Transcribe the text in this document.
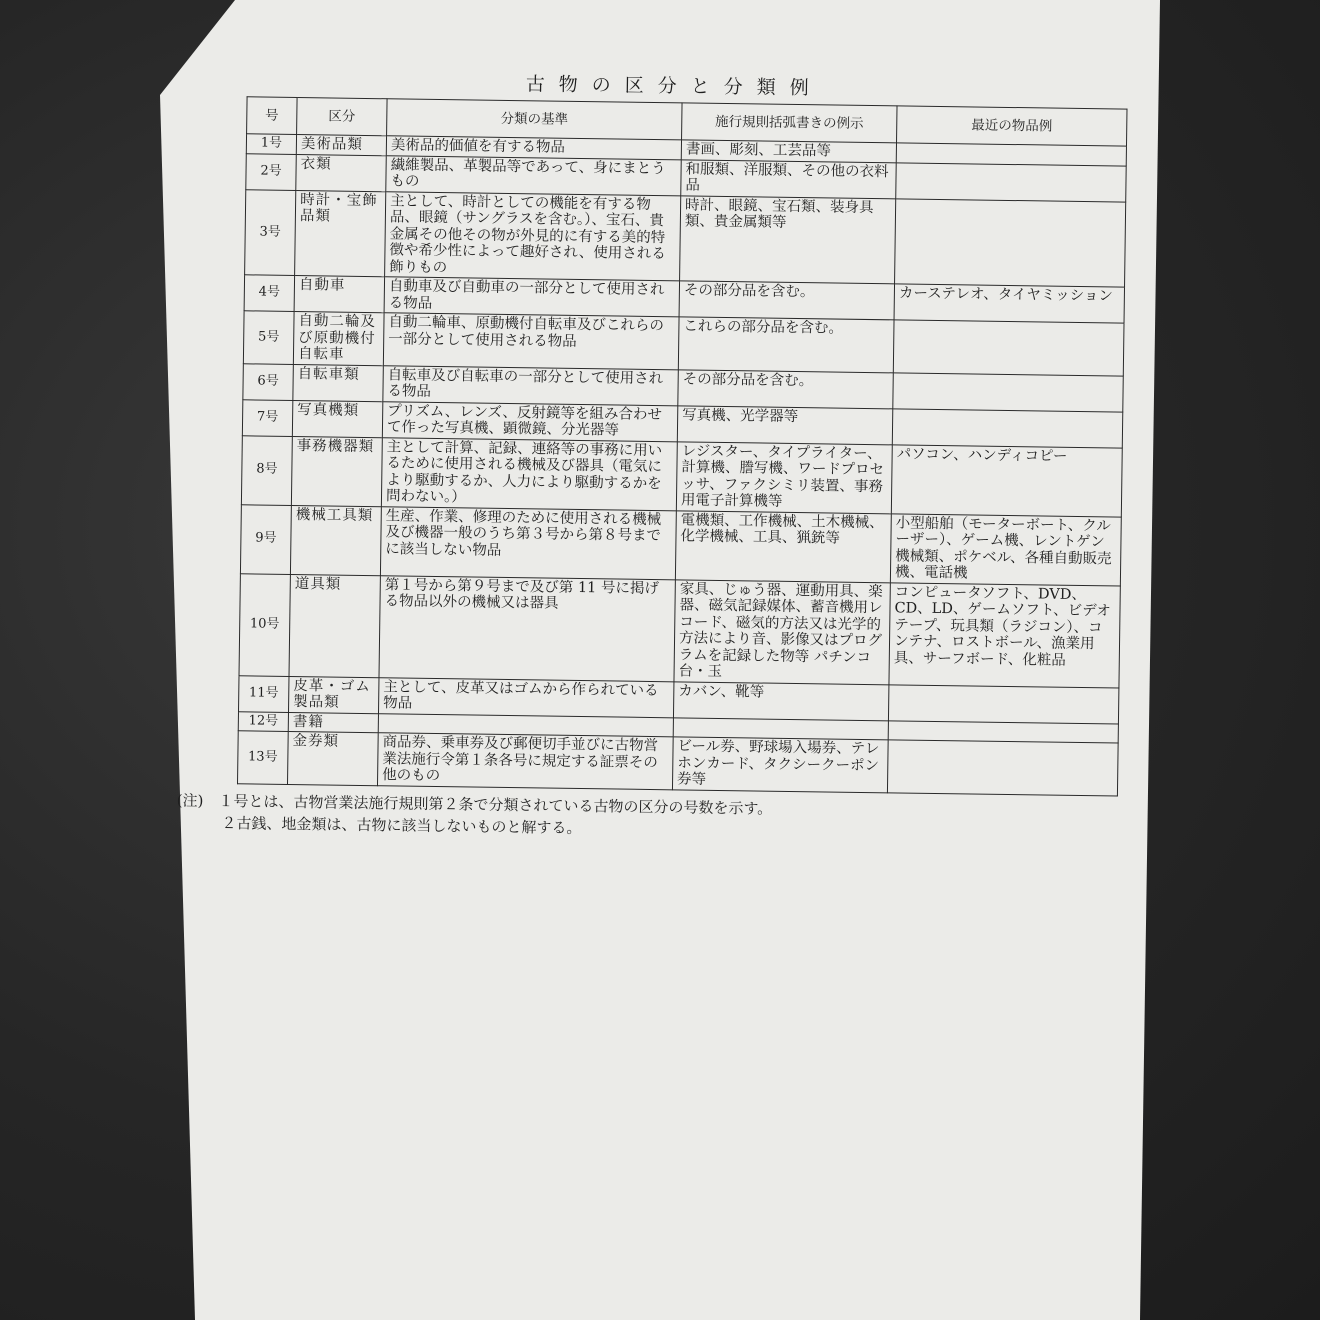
古物の区分と分類例
号	区分	分類の基準	施行規則括弧書きの例示	最近の物品例
1号	美術品類	美術品的価値を有する物品	書画、彫刻、工芸品等	
2号	衣類	繊維製品、革製品等であって、身にまとうもの	和服類、洋服類、その他の衣料品	
3号	時計・宝飾品類	主として、時計としての機能を有する物品、眼鏡（サングラスを含む。）、宝石、貴金属その他その物が外見的に有する美的特徴や希少性によって趣好され、使用される飾りもの	時計、眼鏡、宝石類、装身具類、貴金属類等	
4号	自動車	自動車及び自動車の一部分として使用される物品	その部分品を含む。	カーステレオ、タイヤミッション
5号	自動二輪及び原動機付自転車	自動二輪車、原動機付自転車及びこれらの一部分として使用される物品	これらの部分品を含む。	
6号	自転車類	自転車及び自転車の一部分として使用される物品	その部分品を含む。	
7号	写真機類	プリズム、レンズ、反射鏡等を組み合わせて作った写真機、顕微鏡、分光器等	写真機、光学器等	
8号	事務機器類	主として計算、記録、連絡等の事務に用いるために使用される機械及び器具（電気により駆動するか、人力により駆動するかを問わない。）	レジスター、タイプライター、計算機、謄写機、ワードプロセッサ、ファクシミリ装置、事務用電子計算機等	パソコン、ハンディコピー
9号	機械工具類	生産、作業、修理のために使用される機械及び機器一般のうち第３号から第８号までに該当しない物品	電機類、工作機械、土木機械、化学機械、工具、猟銃等	小型船舶（モーターボート、クルーザー）、ゲーム機、レントゲン機械類、ポケベル、各種自動販売機、電話機
10号	道具類	第１号から第９号まで及び第 11 号に掲げる物品以外の機械又は器具	家具、じゅう器、運動用具、楽器、磁気記録媒体、蓄音機用レコード、磁気的方法又は光学的方法により音、影像又はプログラムを記録した物等 パチンコ台・玉	コンピュータソフト、DVD、CD、LD、ゲームソフト、ビデオテープ、玩具類（ラジコン）、コンテナ、ロストボール、漁業用具、サーフボード、化粧品
11号	皮革・ゴム製品類	主として、皮革又はゴムから作られている物品	カバン、靴等	
12号	書籍			
13号	金券類	商品券、乗車券及び郵便切手並びに古物営業法施行令第１条各号に規定する証票その他のもの	ビール券、野球場入場券、テレホンカード、タクシークーポン券等	
(注)　１号とは、古物営業法施行規則第２条で分類されている古物の区分の号数を示す。
　　　２古銭、地金類は、古物に該当しないものと解する。
